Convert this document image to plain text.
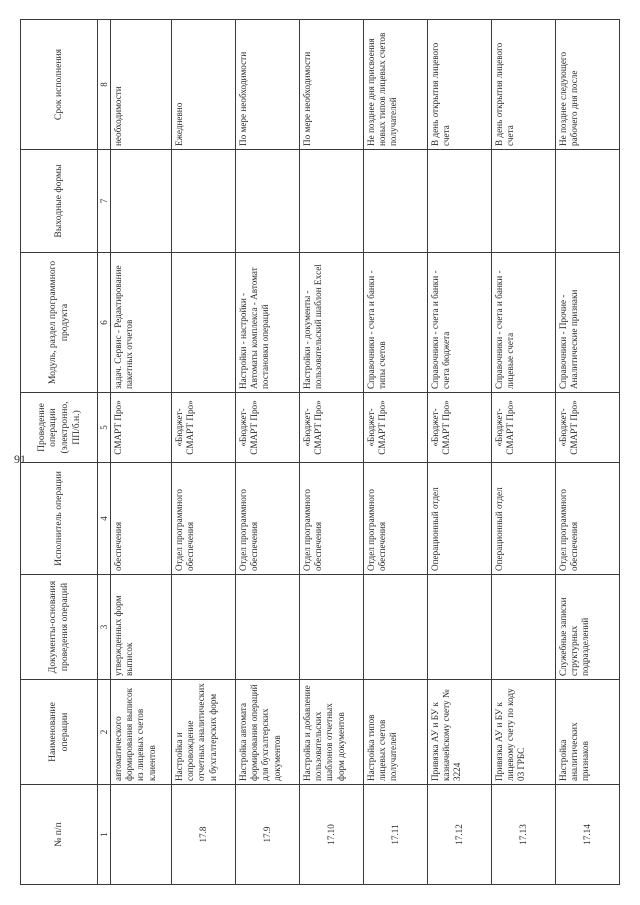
91
№ п/п	Наименование операции	Документы-основания проведения операций	Исполнитель операции	Проведение операции (электронно, ПП/б.н.)	Модуль, раздел программного продукта	Выходные формы	Срок исполнения
1	2	3	4	5	6	7	8
	автоматического формирования выписок из лицевых счетов клиентов	утвержденных форм выписок	обеспечения	СМАРТ Про»	задач. Сервис - Редактирование пакетных отчетов		необходимости
17.8	Настройка и сопровождение отчетных аналитических и бухгалтерских форм		Отдел программного обеспечения	«Бюджет-СМАРТ Про»			Ежедневно
17.9	Настройка автомата формирования операций для бухгалтерских документов		Отдел программного обеспечения	«Бюджет-СМАРТ Про»	Настройки - настройки - Автоматы комплекса - Автомат постановки операций		По мере необходимости
17.10	Настройка и добавление пользовательских шаблонов отчетных форм документов		Отдел программного обеспечения	«Бюджет-СМАРТ Про»	Настройки - документы - пользовательский шаблон Excel		По мере необходимости
17.11	Настройка типов лицевых счетов получателей		Отдел программного обеспечения	«Бюджет-СМАРТ Про»	Справочники - счета и банки - типы счетов		Не позднее дня присвоения новых типов лицевых счетов получателей
17.12	Привязка АУ и БУ к казначейскому счету № 3224		Операционный отдел	«Бюджет-СМАРТ Про»	Справочники - счета и банки - счета бюджета		В день открытия лицевого счета
17.13	Привязка АУ и БУ к лицевому счету по коду 03 ГРБС		Операционный отдел	«Бюджет-СМАРТ Про»	Справочники - счета и банки - лицевые счета		В день открытия лицевого счета
17.14	Настройка аналитических признаков	Служебные записки структурных подразделений	Отдел программного обеспечения	«Бюджет-СМАРТ Про»	Справочники - Прочие - Аналитические признаки		Не позднее следующего рабочего дня после
